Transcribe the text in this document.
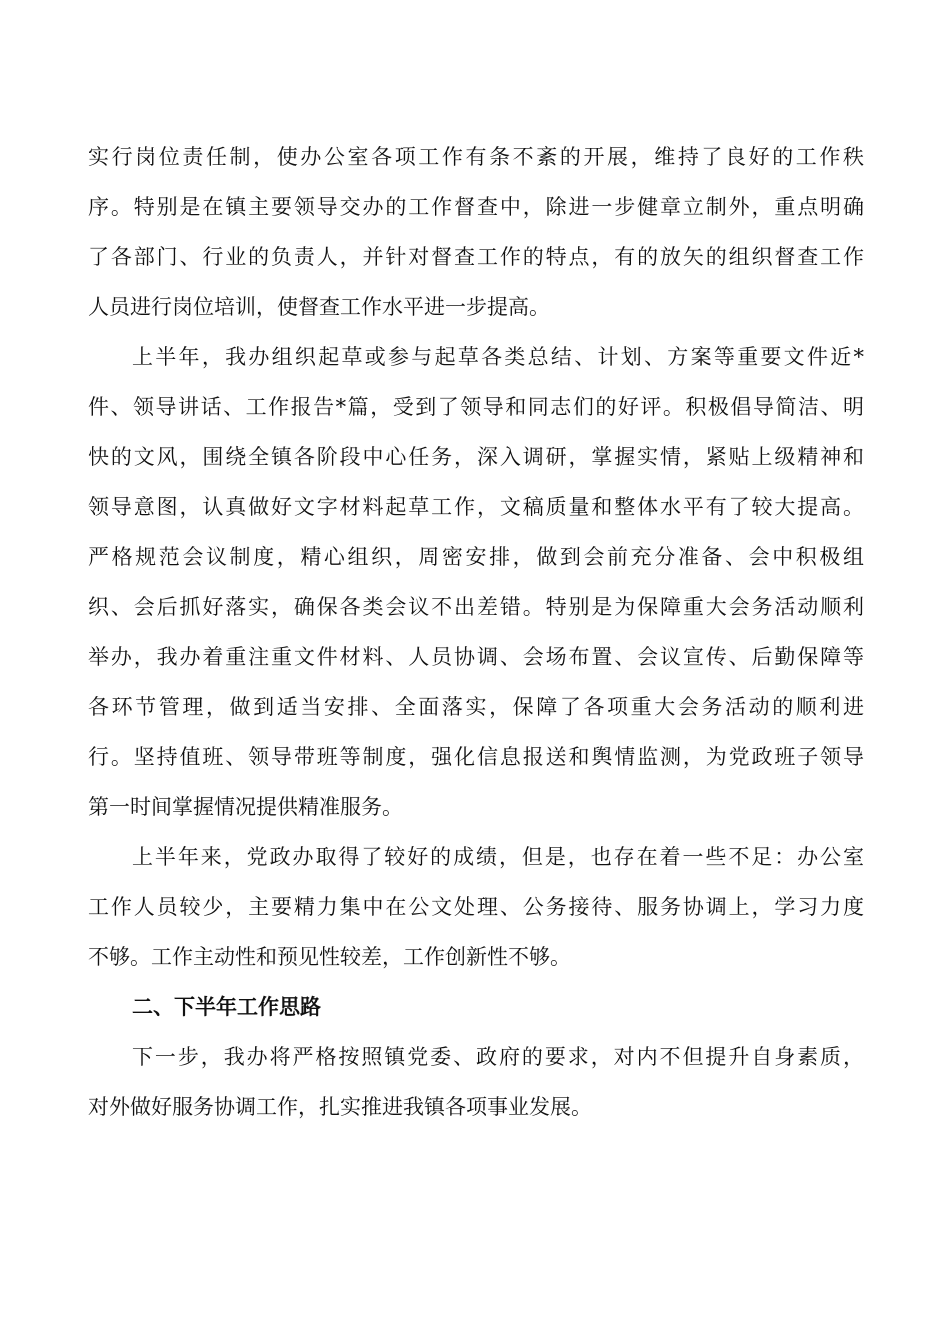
实行岗位责任制，使办公室各项工作有条不紊的开展，维持了良好的工作秩
序。特别是在镇主要领导交办的工作督查中，除进一步健章立制外，重点明确
了各部门、行业的负责人，并针对督查工作的特点，有的放矢的组织督查工作
人员进行岗位培训，使督查工作水平进一步提高。
上半年，我办组织起草或参与起草各类总结、计划、方案等重要文件近*
件、领导讲话、工作报告*篇，受到了领导和同志们的好评。积极倡导简洁、明
快的文风，围绕全镇各阶段中心任务，深入调研，掌握实情，紧贴上级精神和
领导意图，认真做好文字材料起草工作，文稿质量和整体水平有了较大提高。
严格规范会议制度，精心组织，周密安排，做到会前充分准备、会中积极组
织、会后抓好落实，确保各类会议不出差错。特别是为保障重大会务活动顺利
举办，我办着重注重文件材料、人员协调、会场布置、会议宣传、后勤保障等
各环节管理，做到适当安排、全面落实，保障了各项重大会务活动的顺利进
行。坚持值班、领导带班等制度，强化信息报送和舆情监测，为党政班子领导
第一时间掌握情况提供精准服务。
上半年来，党政办取得了较好的成绩，但是，也存在着一些不足：办公室
工作人员较少，主要精力集中在公文处理、公务接待、服务协调上，学习力度
不够。工作主动性和预见性较差，工作创新性不够。
二、下半年工作思路
下一步，我办将严格按照镇党委、政府的要求，对内不但提升自身素质，
对外做好服务协调工作，扎实推进我镇各项事业发展。
